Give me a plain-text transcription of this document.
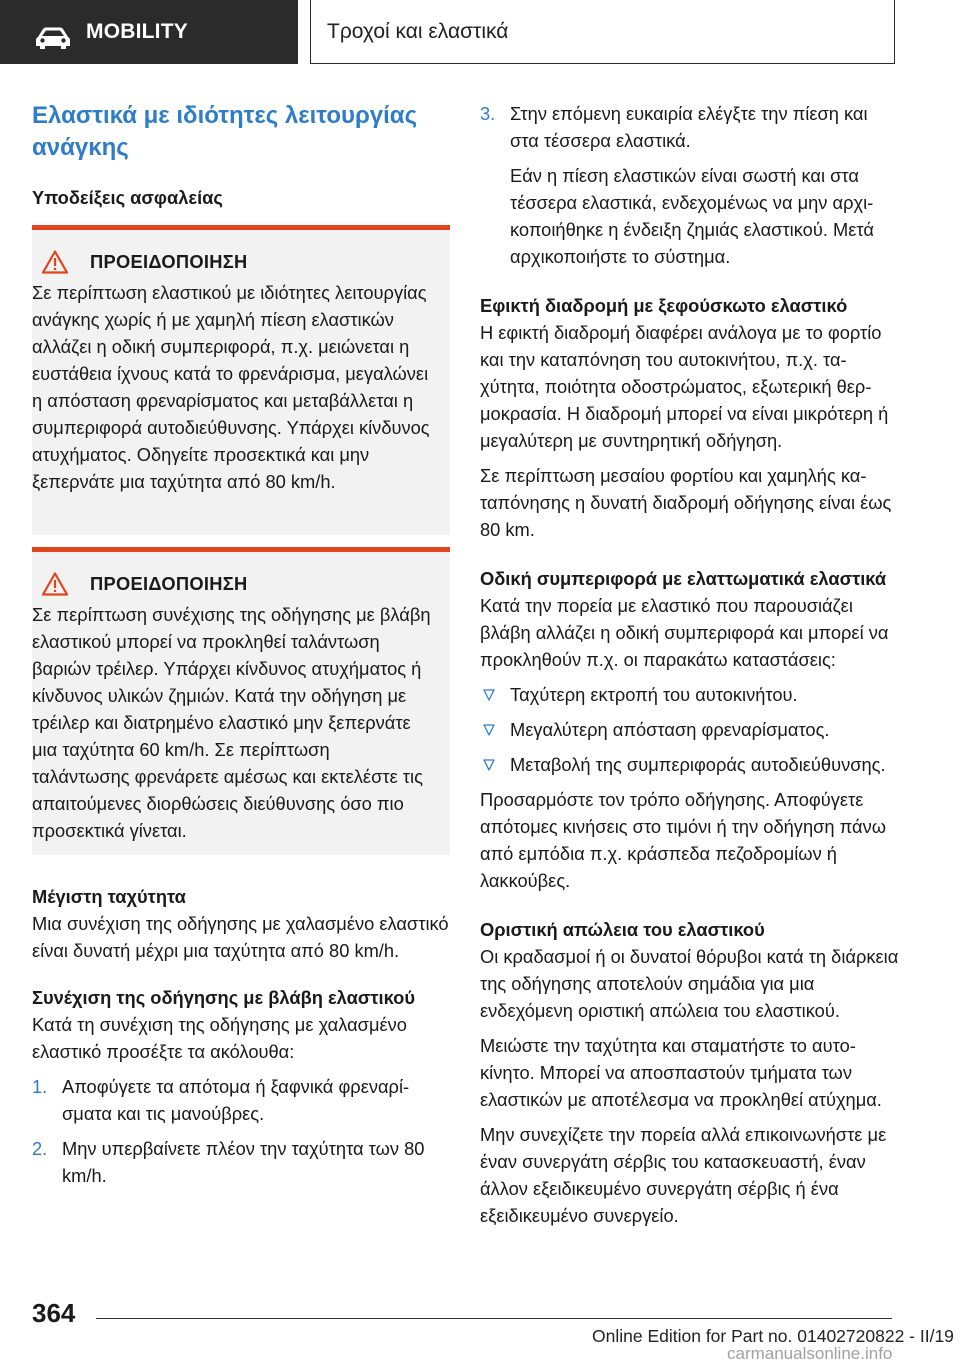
MOBILITY	Τροχοί και ελαστικά
Ελαστικά με ιδιότητες λειτουργίας ανάγκης
Υποδείξεις ασφαλείας
ΠΡΟΕΙΔΟΠΟΙΗΣΗ

Σε περίπτωση ελαστικού με ιδιότητες λειτουργίας ανάγκης χωρίς ή με χαμηλή πίεση ελαστικών αλλάζει η οδική συμπεριφορά, π.χ. μειώνεται η ευστάθεια ίχνους κατά το φρενάρισμα, μεγαλώνει η απόσταση φρεναρίσματος και μεταβάλλεται η συμπεριφορά αυτοδιεύθυνσης. Υπάρχει κίνδυνος ατυχήματος. Οδηγείτε προσεκτικά και μην ξεπερνάτε μια ταχύτητα από 80 km/h.

ΠΡΟΕΙΔΟΠΟΙΗΣΗ

Σε περίπτωση συνέχισης της οδήγησης με βλάβη ελαστικού μπορεί να προκληθεί ταλάντωση βαριών τρέιλερ. Υπάρχει κίνδυνος ατυχήματος ή κίνδυνος υλικών ζημιών. Κατά την οδήγηση με τρέιλερ και διατρημένο ελαστικό μην ξεπερνάτε μια ταχύτητα 60 km/h. Σε περίπτωση ταλάντωσης φρενάρετε αμέσως και εκτελέστε τις απαιτούμενες διορθώσεις διεύθυνσης όσο πιο προσεκτικά γίνεται.

Μέγιστη ταχύτητα

Μια συνέχιση της οδήγησης με χαλασμένο ελαστικό είναι δυνατή μέχρι μια ταχύτητα από 80 km/h.

Συνέχιση της οδήγησης με βλάβη ελαστικού

Κατά τη συνέχιση της οδήγησης με χαλασμένο ελαστικό προσέξτε τα ακόλουθα:

1. Αποφύγετε τα απότομα ή ξαφνικά φρεναρίσματα και τις μανούβρες.
2. Μην υπερβαίνετε πλέον την ταχύτητα των 80 km/h.
3. Στην επόμενη ευκαιρία ελέγξτε την πίεση και στα τέσσερα ελαστικά.

Εάν η πίεση ελαστικών είναι σωστή και στα τέσσερα ελαστικά, ενδεχομένως να μην αρχικοποιήθηκε η ένδειξη ζημιάς ελαστικού. Μετά αρχικοποιήστε το σύστημα.

Εφικτή διαδρομή με ξεφούσκωτο ελαστικό

Η εφικτή διαδρομή διαφέρει ανάλογα με το φορτίο και την καταπόνηση του αυτοκινήτου, π.χ. ταχύτητα, ποιότητα οδοστρώματος, εξωτερική θερμοκρασία. Η διαδρομή μπορεί να είναι μικρότερη ή μεγαλύτερη με συντηρητική οδήγηση.

Σε περίπτωση μεσαίου φορτίου και χαμηλής καταπόνησης η δυνατή διαδρομή οδήγησης είναι έως 80 km.

Οδική συμπεριφορά με ελαττωματικά ελαστικά

Κατά την πορεία με ελαστικό που παρουσιάζει βλάβη αλλάζει η οδική συμπεριφορά και μπορεί να προκληθούν π.χ. οι παρακάτω καταστάσεις:

Ταχύτερη εκτροπή του αυτοκινήτου.
Μεγαλύτερη απόσταση φρεναρίσματος.
Μεταβολή της συμπεριφοράς αυτοδιεύθυνσης.

Προσαρμόστε τον τρόπο οδήγησης. Αποφύγετε απότομες κινήσεις στο τιμόνι ή την οδήγηση πάνω από εμπόδια π.χ. κράσπεδα πεζοδρομίων ή λακκούβες.

Οριστική απώλεια του ελαστικού

Οι κραδασμοί ή οι δυνατοί θόρυβοι κατά τη διάρκεια της οδήγησης αποτελούν σημάδια για μια ενδεχόμενη οριστική απώλεια του ελαστικού.

Μειώστε την ταχύτητα και σταματήστε το αυτοκίνητο. Μπορεί να αποσπαστούν τμήματα των ελαστικών με αποτέλεσμα να προκληθεί ατύχημα.

Μην συνεχίζετε την πορεία αλλά επικοινωνήστε με έναν συνεργάτη σέρβις του κατασκευαστή, έναν άλλον εξειδικευμένο συνεργάτη σέρβις ή ένα εξειδικευμένο συνεργείο.

364
Online Edition for Part no. 01402720822 - II/19
carmanualsonline.info
